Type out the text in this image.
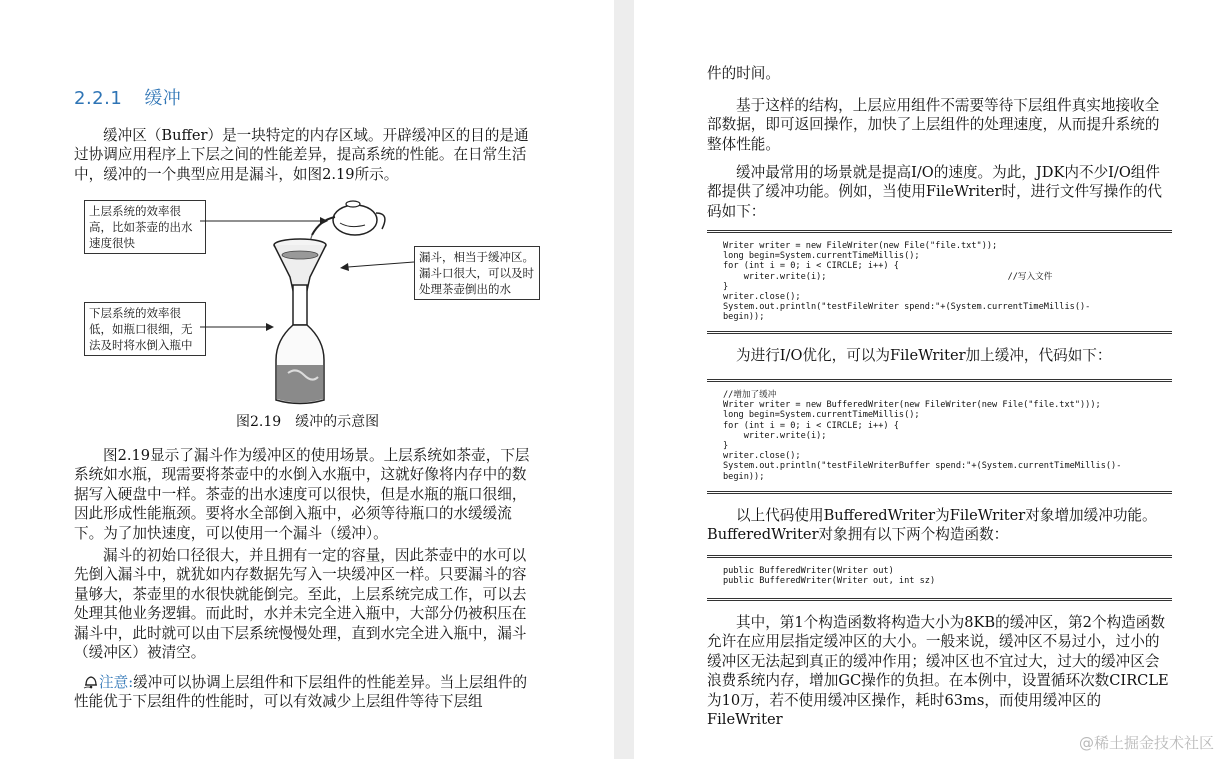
2.2.1 缓冲

缓冲区（Buffer）是一块特定的内存区域。开辟缓冲区的目的是通过协调应用程序上下层之间的性能差异，提高系统的性能。在日常生活中，缓冲的一个典型应用是漏斗，如图2.19所示。

上层系统的效率很高，比如茶壶的出水速度很快
漏斗，相当于缓冲区。漏斗口很大，可以及时处理茶壶倒出的水
下层系统的效率很低，如瓶口很细，无法及时将水倒入瓶中
图2.19　缓冲的示意图

图2.19显示了漏斗作为缓冲区的使用场景。上层系统如茶壶，下层系统如水瓶，现需要将茶壶中的水倒入水瓶中，这就好像将内存中的数据写入硬盘中一样。茶壶的出水速度可以很快，但是水瓶的瓶口很细，因此形成性能瓶颈。要将水全部倒入瓶中，必须等待瓶口的水缓缓流下。为了加快速度，可以使用一个漏斗（缓冲）。

漏斗的初始口径很大，并且拥有一定的容量，因此茶壶中的水可以先倒入漏斗中，就犹如内存数据先写入一块缓冲区一样。只要漏斗的容量够大，茶壶里的水很快就能倒完。至此，上层系统完成工作，可以去处理其他业务逻辑。而此时，水并未完全进入瓶中，大部分仍被积压在漏斗中，此时就可以由下层系统慢慢处理，直到水完全进入瓶中，漏斗（缓冲区）被清空。

注意:缓冲可以协调上层组件和下层组件的性能差异。当上层组件的性能优于下层组件的性能时，可以有效减少上层组件等待下层组

件的时间。

基于这样的结构，上层应用组件不需要等待下层组件真实地接收全部数据，即可返回操作，加快了上层组件的处理速度，从而提升系统的整体性能。

缓冲最常用的场景就是提高I/O的速度。为此，JDK内不少I/O组件都提供了缓冲功能。例如，当使用FileWriter时，进行文件写操作的代码如下：

Writer writer = new FileWriter(new File("file.txt"));
long begin=System.currentTimeMillis();
for (int i = 0; i < CIRCLE; i++) {
writer.write(i);                                   //写入文件
}
writer.close();
System.out.println("testFileWriter spend:"+(System.currentTimeMillis()-
begin));

为进行I/O优化，可以为FileWriter加上缓冲，代码如下：

//增加了缓冲
Writer writer = new BufferedWriter(new FileWriter(new File("file.txt")));
long begin=System.currentTimeMillis();
for (int i = 0; i < CIRCLE; i++) {
writer.write(i);
}
writer.close();
System.out.println("testFileWriterBuffer spend:"+(System.currentTimeMillis()-
begin));

以上代码使用BufferedWriter为FileWriter对象增加缓冲功能。BufferedWriter对象拥有以下两个构造函数：

public BufferedWriter(Writer out)
public BufferedWriter(Writer out, int sz)

其中，第1个构造函数将构造大小为8KB的缓冲区，第2个构造函数允许在应用层指定缓冲区的大小。一般来说，缓冲区不易过小，过小的缓冲区无法起到真正的缓冲作用；缓冲区也不宜过大，过大的缓冲区会浪费系统内存，增加GC操作的负担。在本例中，设置循环次数CIRCLE为10万，若不使用缓冲区操作，耗时63ms，而使用缓冲区的FileWriter

@稀土掘金技术社区
